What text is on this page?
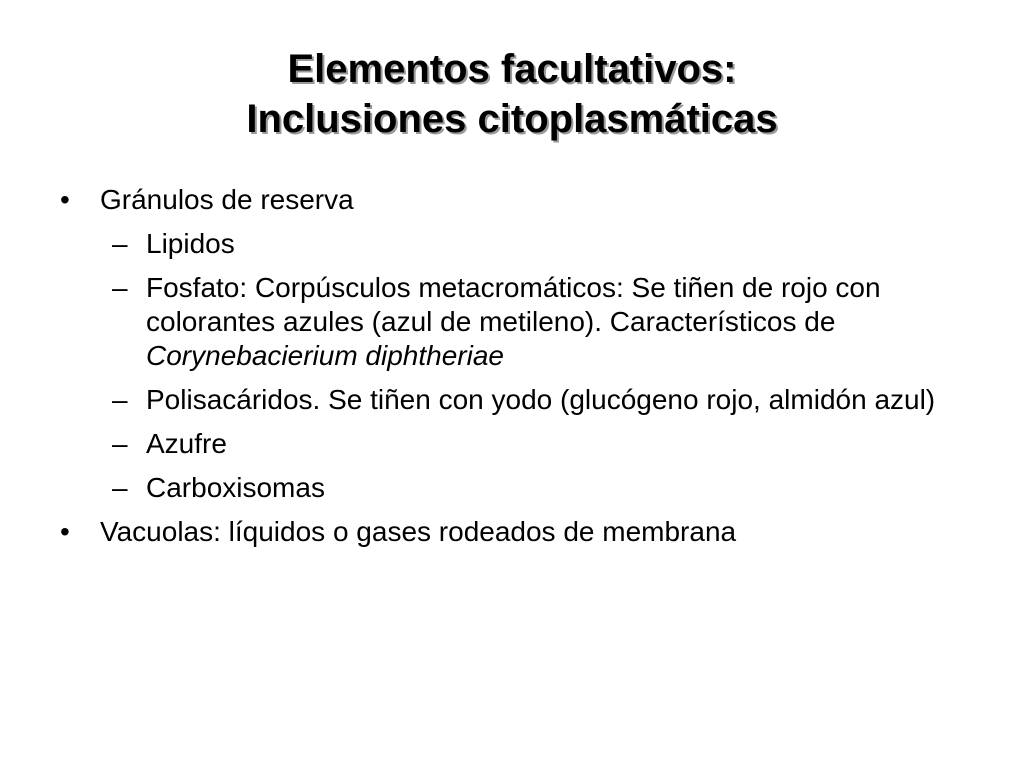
Elementos facultativos:
Inclusiones citoplasmáticas
• Gránulos de reserva
– Lipidos
– Fosfato: Corpúsculos metacromáticos: Se tiñen de rojo con colorantes azules (azul de metileno). Característicos de Corynebacierium diphtheriae
– Polisacáridos. Se tiñen con yodo (glucógeno rojo, almidón azul)
– Azufre
– Carboxisomas
• Vacuolas: líquidos o gases rodeados de membrana
